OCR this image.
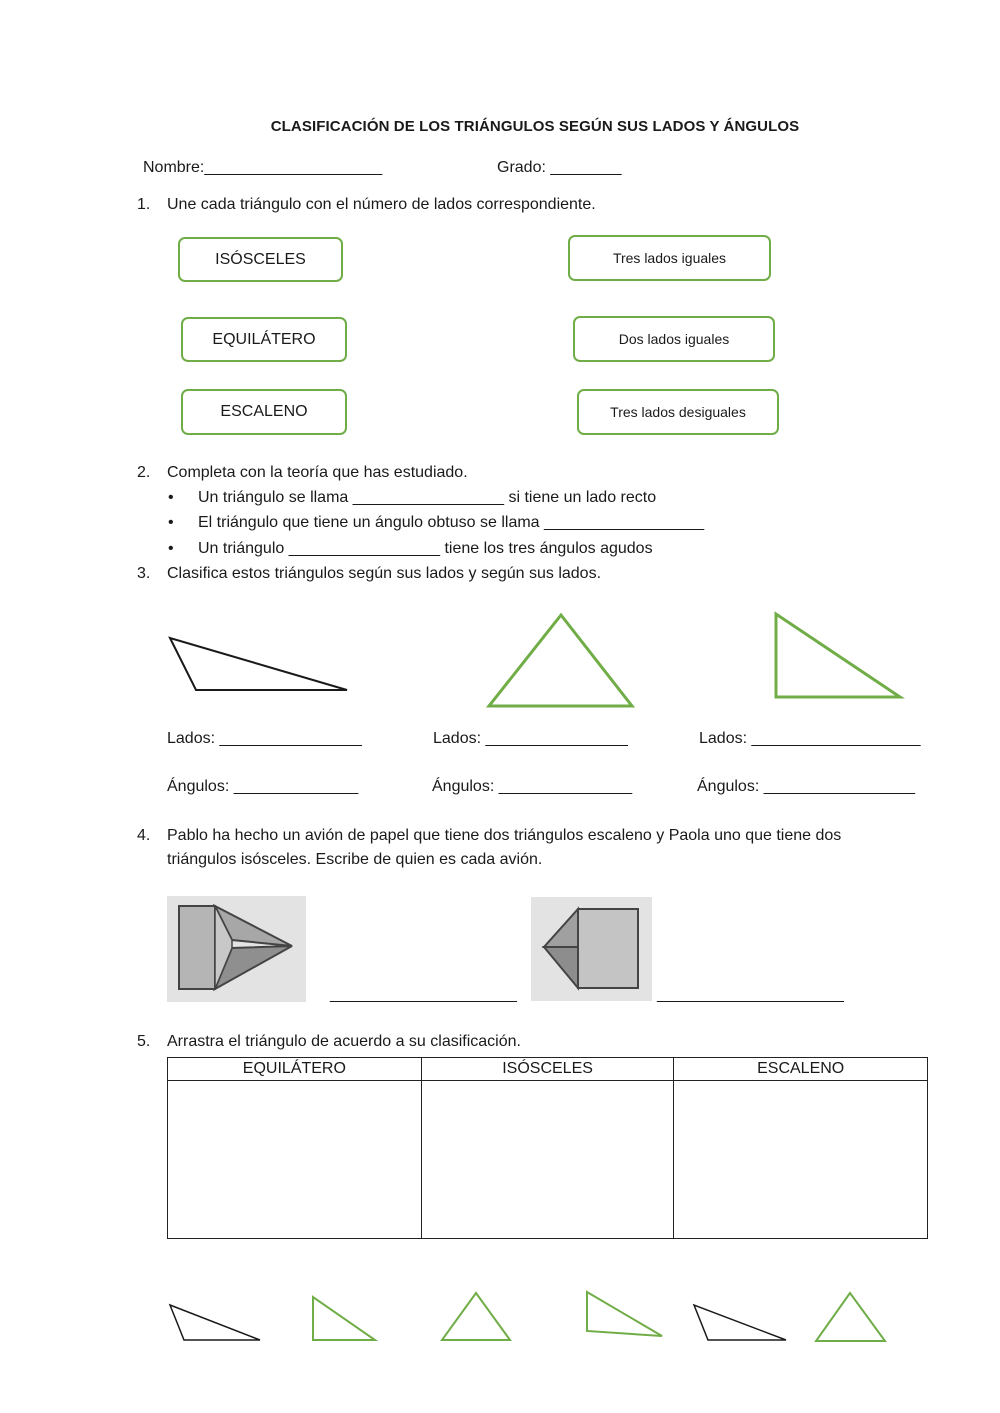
CLASIFICACIÓN DE LOS TRIÁNGULOS SEGÚN SUS LADOS Y ÁNGULOS
Nombre:____________________	Grado: ________
1. Une cada triángulo con el número de lados correspondiente.
ISÓSCELES
EQUILÁTERO
ESCALENO
Tres lados iguales
Dos lados iguales
Tres lados desiguales
2. Completa con la teoría que has estudiado.
• Un triángulo se llama _________________ si tiene un lado recto
• El triángulo que tiene un ángulo obtuso se llama __________________
• Un triángulo _________________ tiene los tres ángulos agudos
3. Clasifica estos triángulos según sus lados y según sus lados.
Lados: ________________	Lados: ________________	Lados: ___________________
Ángulos: ______________	Ángulos: _______________	Ángulos: _________________
4. Pablo ha hecho un avión de papel que tiene dos triángulos escaleno y Paola uno que tiene dos
triángulos isósceles. Escribe de quien es cada avión.
_____________________	_____________________
5. Arrastra el triángulo de acuerdo a su clasificación.
EQUILÁTERO	ISÓSCELES	ESCALENO
